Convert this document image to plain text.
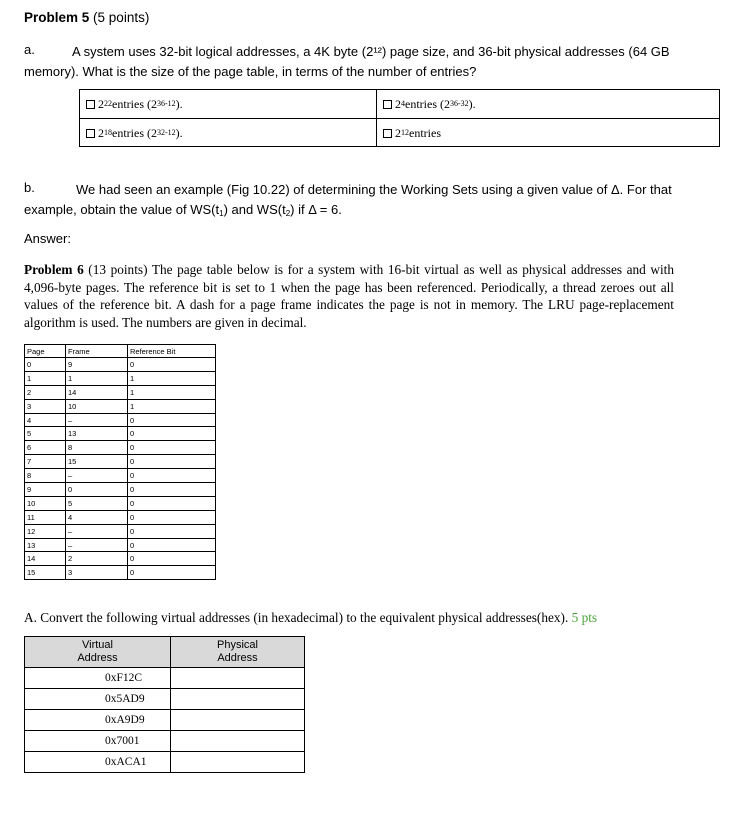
Problem 5 (5 points)
a.	A system uses 32-bit logical addresses, a 4K byte (2¹²) page size, and 36-bit physical addresses (64 GB memory). What is the size of the page table, in terms of the number of entries?
2 22 entries (2 36-12 ).	2 4 entries (2 36-32 ).
2 18 entries (2 32-12 ).	2 12 entries
b.	We had seen an example (Fig 10.22) of determining the Working Sets using a given value of Δ. For that example, obtain the value of $WS(t_1)$ and $WS(t_2)$ if Δ = 6.
Answer:
Problem 6 (13 points) The page table below is for a system with 16-bit virtual as well as physical addresses and with 4,096-byte pages. The reference bit is set to 1 when the page has been referenced. Periodically, a thread zeroes out all values of the reference bit. A dash for a page frame indicates the page is not in memory. The LRU page-replacement algorithm is used. The numbers are given in decimal.
Page	Frame	Reference Bit
0	9	0
1	1	1
2	14	1
3	10	1
4	–	0
5	13	0
6	8	0
7	15	0
8	–	0
9	0	0
10	5	0
11	4	0
12	–	0
13	–	0
14	2	0
15	3	0
A. Convert the following virtual addresses (in hexadecimal) to the equivalent physical addresses(hex). 5 pts
Virtual Address	Physical Address
0xF12C	
0x5AD9	
0xA9D9	
0x7001	
0xACA1	
